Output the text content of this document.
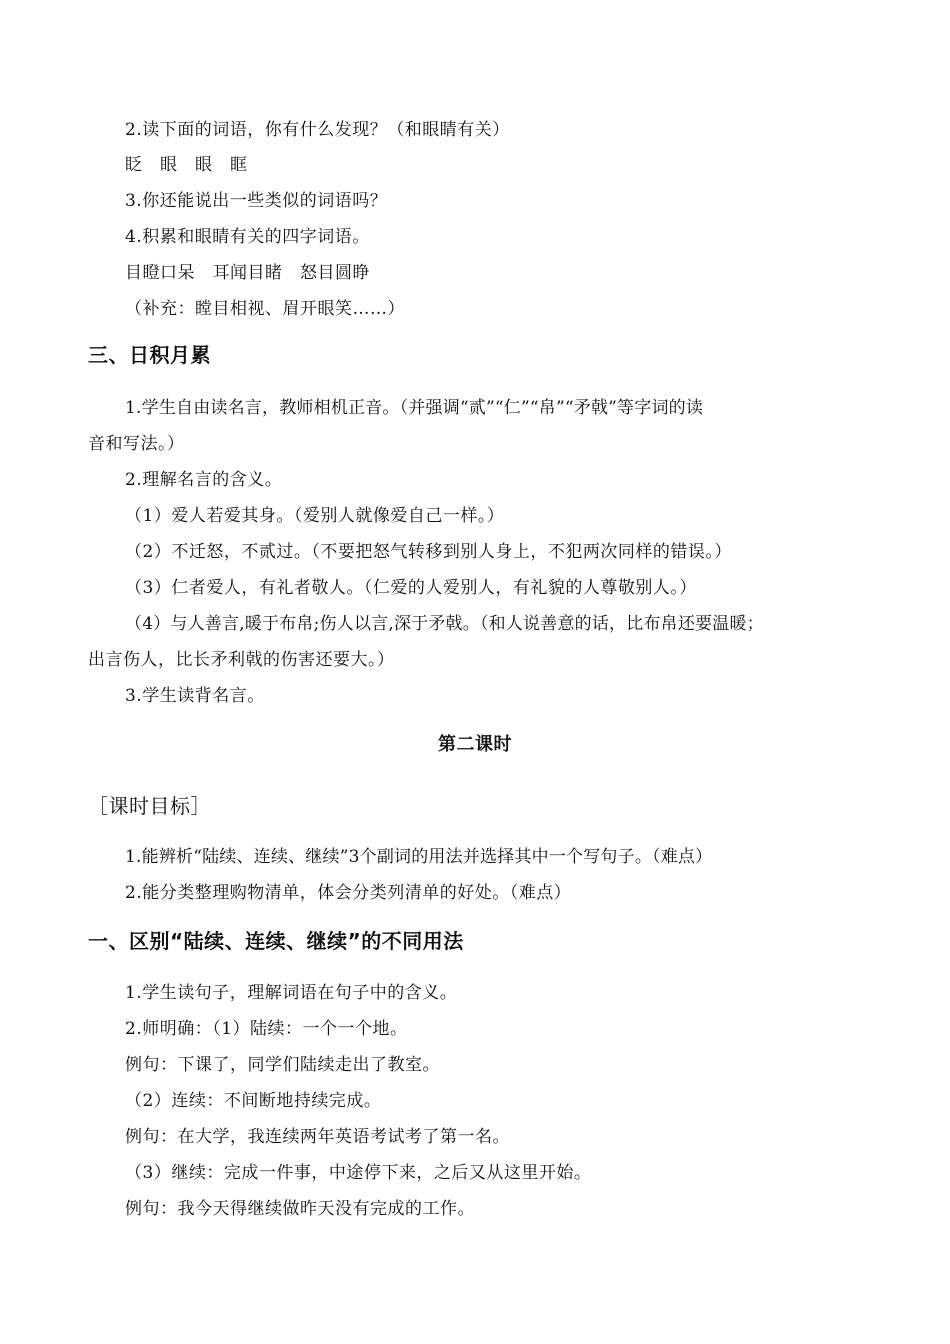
2.读下面的词语，你有什么发现？（和眼睛有关）
眨　眼　眼　眶
3.你还能说出一些类似的词语吗？
4.积累和眼睛有关的四字词语。
目瞪口呆　耳闻目睹　怒目圆睁
（补充：瞠目相视、眉开眼笑……）
三、日积月累
1.学生自由读名言，教师相机正音。（并强调“贰”“仁”“帛”“矛戟”等字词的读
音和写法。）
2.理解名言的含义。
（1）爱人若爱其身。（爱别人就像爱自己一样。）
（2）不迁怒，不贰过。（不要把怒气转移到别人身上，不犯两次同样的错误。）
（3）仁者爱人，有礼者敬人。（仁爱的人爱别人，有礼貌的人尊敬别人。）
（4）与人善言,暖于布帛;伤人以言,深于矛戟。（和人说善意的话，比布帛还要温暖；
出言伤人，比长矛利戟的伤害还要大。）
3.学生读背名言。
第二课时
［课时目标］
1.能辨析“陆续、连续、继续”3个副词的用法并选择其中一个写句子。（难点）
2.能分类整理购物清单，体会分类列清单的好处。（难点）
一、区别“陆续、连续、继续”的不同用法
1.学生读句子，理解词语在句子中的含义。
2.师明确：（1）陆续：一个一个地。
例句：下课了，同学们陆续走出了教室。
（2）连续：不间断地持续完成。
例句：在大学，我连续两年英语考试考了第一名。
（3）继续：完成一件事，中途停下来，之后又从这里开始。
例句：我今天得继续做昨天没有完成的工作。
